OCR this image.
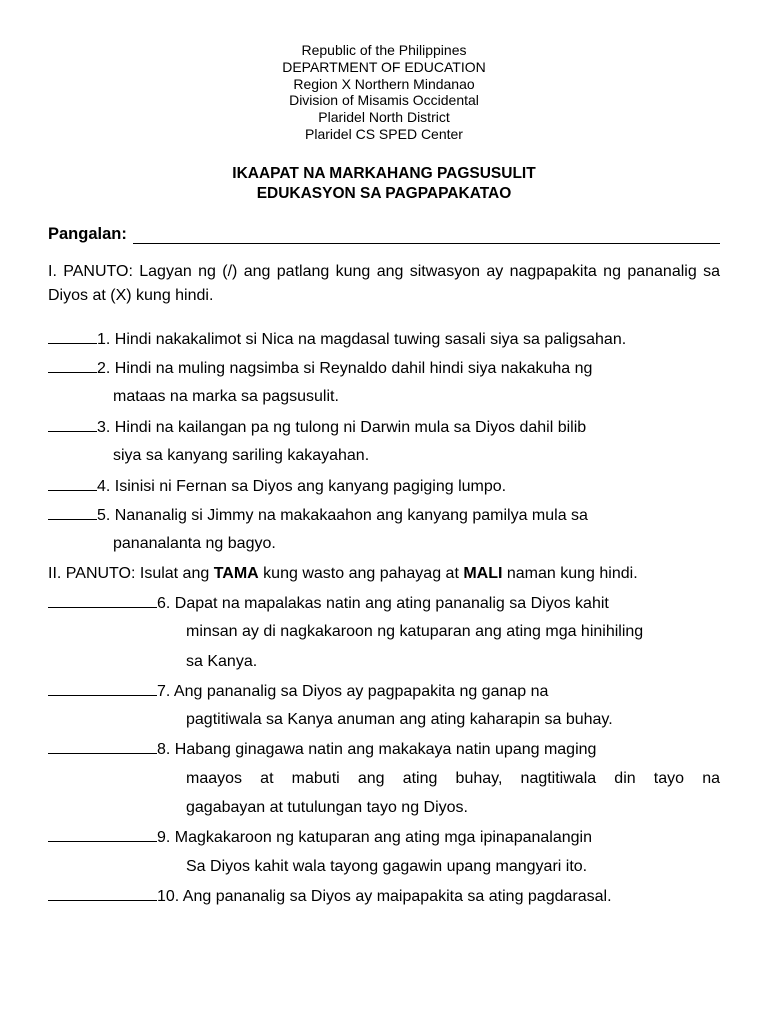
Republic of the Philippines
DEPARTMENT OF EDUCATION
Region X Northern Mindanao
Division of Misamis Occidental
Plaridel North District
Plaridel CS SPED Center
IKAAPAT NA MARKAHANG PAGSUSULIT
EDUKASYON SA PAGPAPAKATAO
Pangalan:
I. PANUTO: Lagyan ng (/) ang patlang kung ang sitwasyon ay nagpapakita ng pananalig sa Diyos at (X) kung hindi.
1. Hindi nakakalimot si Nica na magdasal tuwing sasali siya sa paligsahan.
2. Hindi na muling nagsimba si Reynaldo dahil hindi siya nakakuha ng
mataas na marka sa pagsusulit.
3. Hindi na kailangan pa ng tulong ni Darwin mula sa Diyos dahil bilib
siya sa kanyang sariling kakayahan.
4. Isinisi ni Fernan sa Diyos ang kanyang pagiging lumpo.
5. Nananalig si Jimmy na makakaahon ang kanyang pamilya mula sa
pananalanta ng bagyo.
II. PANUTO: Isulat ang TAMA kung wasto ang pahayag at MALI naman kung hindi.
6. Dapat na mapalakas natin ang ating pananalig sa Diyos kahit
minsan ay di nagkakaroon ng katuparan ang ating mga hinihiling
sa Kanya.
7. Ang pananalig sa Diyos ay pagpapakita ng ganap na
pagtitiwala sa Kanya anuman ang ating kaharapin sa buhay.
8. Habang ginagawa natin ang makakaya natin upang maging
maayos at mabuti ang ating buhay, nagtitiwala din tayo na
gagabayan at tutulungan tayo ng Diyos.
9. Magkakaroon ng katuparan ang ating mga ipinapanalangin
Sa Diyos kahit wala tayong gagawin upang mangyari ito.
10. Ang pananalig sa Diyos ay maipapakita sa ating pagdarasal.
